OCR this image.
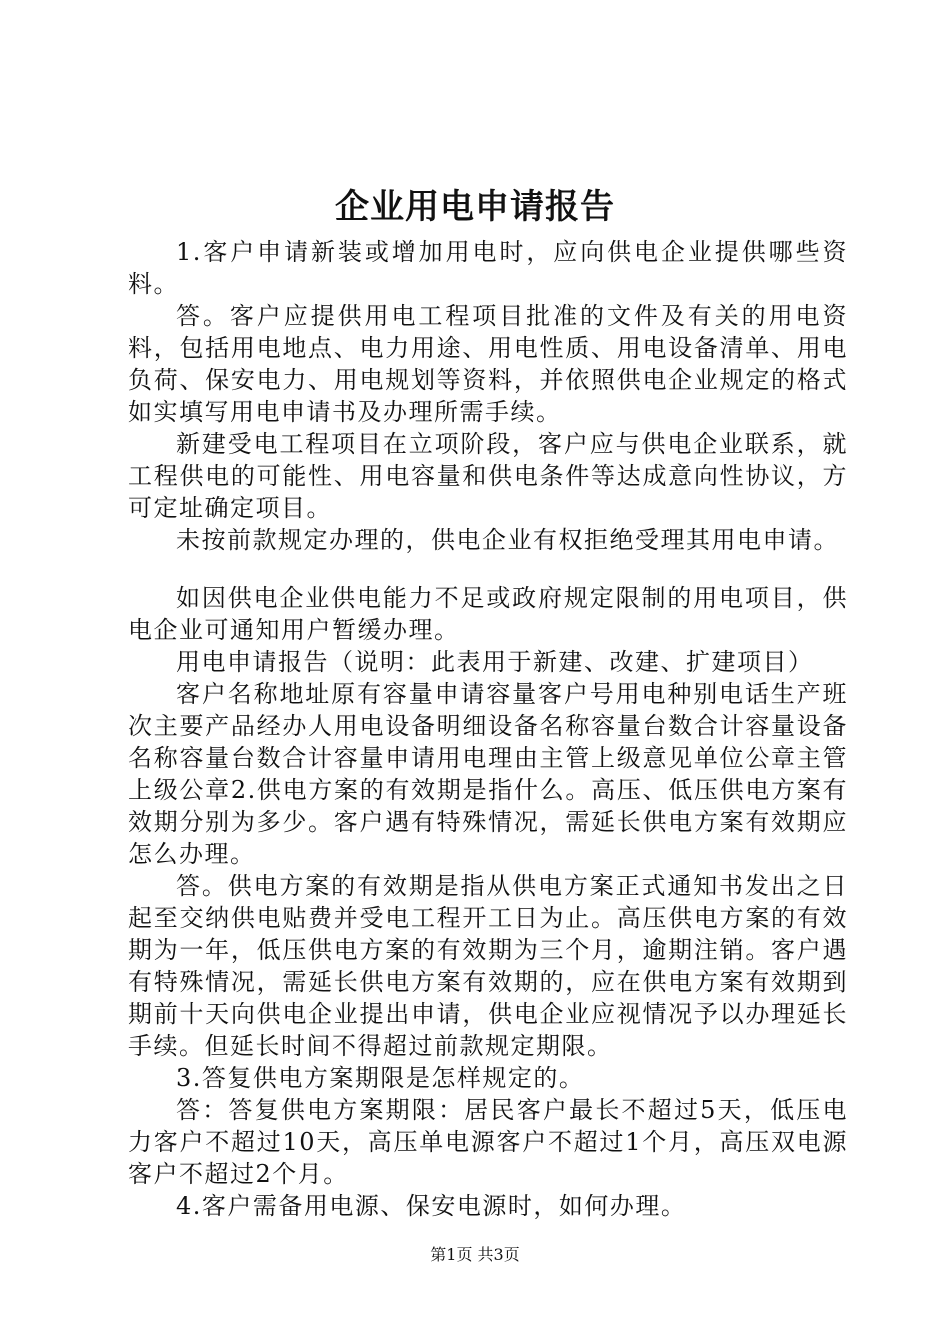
企业用电申请报告

1.客户申请新装或增加用电时，应向供电企业提供哪些资料。

答。客户应提供用电工程项目批准的文件及有关的用电资料，包括用电地点、电力用途、用电性质、用电设备清单、用电负荷、保安电力、用电规划等资料，并依照供电企业规定的格式如实填写用电申请书及办理所需手续。

新建受电工程项目在立项阶段，客户应与供电企业联系，就工程供电的可能性、用电容量和供电条件等达成意向性协议，方可定址确定项目。

未按前款规定办理的，供电企业有权拒绝受理其用电申请。

如因供电企业供电能力不足或政府规定限制的用电项目，供电企业可通知用户暂缓办理。

用电申请报告（说明：此表用于新建、改建、扩建项目）

客户名称地址原有容量申请容量客户号用电种别电话生产班次主要产品经办人用电设备明细设备名称容量台数合计容量设备名称容量台数合计容量申请用电理由主管上级意见单位公章主管上级公章2.供电方案的有效期是指什么。高压、低压供电方案有效期分别为多少。客户遇有特殊情况，需延长供电方案有效期应怎么办理。

答。供电方案的有效期是指从供电方案正式通知书发出之日起至交纳供电贴费并受电工程开工日为止。高压供电方案的有效期为一年，低压供电方案的有效期为三个月，逾期注销。客户遇有特殊情况，需延长供电方案有效期的，应在供电方案有效期到期前十天向供电企业提出申请，供电企业应视情况予以办理延长手续。但延长时间不得超过前款规定期限。

3.答复供电方案期限是怎样规定的。

答：答复供电方案期限：居民客户最长不超过5天，低压电力客户不超过10天，高压单电源客户不超过1个月，高压双电源客户不超过2个月。

4.客户需备用电源、保安电源时，如何办理。

第1页 共3页
